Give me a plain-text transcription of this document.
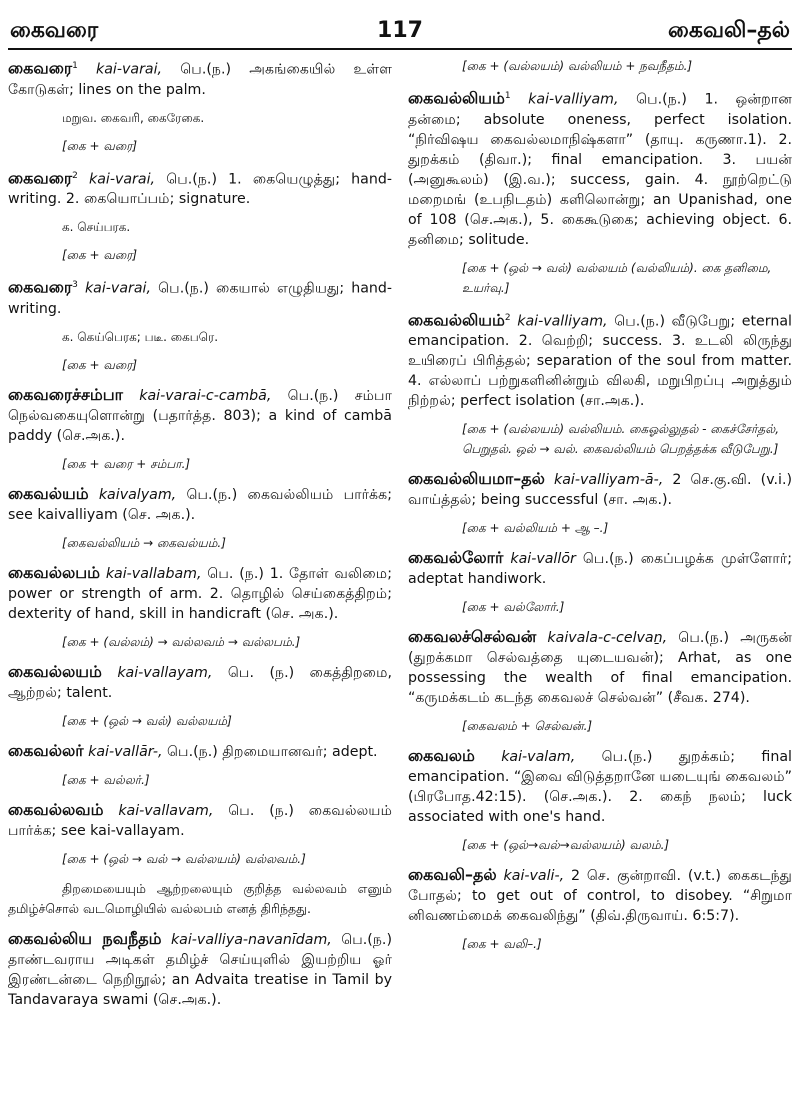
கைவரை	117	கைவலி–தல்

கைவரை$^1$ kai-varai, பெ.(ந.) அகங்கையில் உள்ள கோடுகள்; lines on the palm.

மறுவ. கைவரி, கைரேகை.
[கை + வரை]

கைவரை$^2$ kai-varai, பெ.(ந.) 1. கையெழுத்து; hand-writing. 2. கையொப்பம்; signature.

க. செய்பரக.
[கை + வரை]

கைவரை$^3$ kai-varai, பெ.(ந.) கையால் எழுதியது; hand-writing.

க. கெய்பெரக; படீ. கைபரெ.
[கை + வரை]

கைவரைச்சம்பா kai-varai-c-cambā, பெ.(ந.) சம்பா நெல்வகையுளொன்று (பதார்த்த. 803); a kind of cambā paddy (செ.அக.).

[கை + வரை + சம்பா.]

கைவல்யம் kaivalyam, பெ.(ந.) கைவல்லியம் பார்க்க; see kaivalliyam (செ. அக.).

[கைவல்லியம் → கைவல்யம்.]

கைவல்லபம் kai-vallabam, பெ. (ந.) 1. தோள் வலிமை; power or strength of arm. 2. தொழில் செய்கைத்திறம்; dexterity of hand, skill in handicraft (செ. அக.).

[கை + (வல்லம்) → வல்லவம் → வல்லபம்.]

கைவல்லயம் kai-vallayam, பெ. (ந.) கைத்திறமை, ஆற்றல்; talent.

[கை + (ஒல் → வல்) வல்லயம்]

கைவல்லர் kai-vallār-, பெ.(ந.) திறமையானவர்; adept.

[கை + வல்லர்.]

கைவல்லவம் kai-vallavam, பெ. (ந.) கைவல்லயம் பார்க்க; see kai-vallayam.

[கை + (ஒல் → வல் → வல்லயம்) வல்லவம்.]
திறமையையும் ஆற்றலையும் குறித்த வல்லவம் எனும் தமிழ்ச்சொல் வடமொழியில் வல்லபம் எனத் திரிந்தது.

கைவல்லிய நவநீதம் kai-valliya-navanīdam, பெ.(ந.) தாண்டவராய அடிகள் தமிழ்ச் செய்யுளில் இயற்றிய ஓர் இரண்டன்டை நெறிநூல்; an Advaita treatise in Tamil by Tandavaraya swami (செ.அக.).

[கை + (வல்லயம்) வல்லியம் + நவநீதம்.]

கைவல்லியம்$^1$ kai-valliyam, பெ.(ந.) 1. ஒன்றான தன்மை; absolute oneness, perfect isolation. “நிர்விஷய கைவல்லமாநிஷ்களா” (தாயு. கருணா.1). 2. துறக்கம் (திவா.); final emancipation. 3. பயன் (அனுகூலம்) (இ.வ.); success, gain. 4. நூற்றெட்டு மறைமங் (உபநிடதம்) களிலொன்று; an Upanishad, one of 108 (செ.அக.), 5. கைகூடுகை; achieving object. 6. தனிமை; solitude.

[கை + (ஒல் → வல்) வல்லயம் (வல்லியம்). கை தனிமை, உயர்வு.]

கைவல்லியம்$^2$ kai-valliyam, பெ.(ந.) வீடுபேறு; eternal emancipation. 2. வெற்றி; success. 3. உடலி லிருந்து உயிரைப் பிரித்தல்; separation of the soul from matter. 4. எல்லாப் பற்றுகளினின்றும் விலகி, மறுபிறப்பு அறுத்தும் நிற்றல்; perfect isolation (சா.அக.).

[கை + (வல்லயம்) வல்லியம். கைஓல்லுதல் - கைச்சேர்தல், பெறுதல். ஒல் → வல். கைவல்லியம் பெறத்தக்க வீடுபேறு.]

கைவல்லியமா–தல் kai-valliyam-ā-, 2 செ.கு.வி. (v.i.) வாய்த்தல்; being successful (சா. அக.).

[கை + வல்லியம் + ஆ –.]

கைவல்லோர் kai-vallōr பெ.(ந.) கைப்பழக்க முள்ளோர்; adeptat handiwork.

[கை + வல்லோர்.]

கைவலச்செல்வன் kaivala-c-celvaṉ, பெ.(ந.) அருகன் (துறக்கமா செல்வத்தை யுடையவன்); Arhat, as one possessing the wealth of final emancipation. “கருமக்கடம் கடந்த கைவலச் செல்வன்” (சீவக. 274).

[கைவலம் + செல்வன்.]

கைவலம் kai-valam, பெ.(ந.) துறக்கம்; final emancipation. “இவை விடுத்தறானே யடையுங் கைவலம்” (பிரபோத.42:15). (செ.அக.). 2. கைந் நலம்; luck associated with one's hand.

[கை + (ஒல்→வல்→வல்லயம்) வலம்.]

கைவலி–தல் kai-vali-, 2 செ. குன்றாவி. (v.t.) கைகடந்து போதல்; to get out of control, to disobey. “சிறுமா னிவணம்மைக் கைவலிந்து” (திவ்.திருவாய். 6:5:7).

[கை + வலி–.]
